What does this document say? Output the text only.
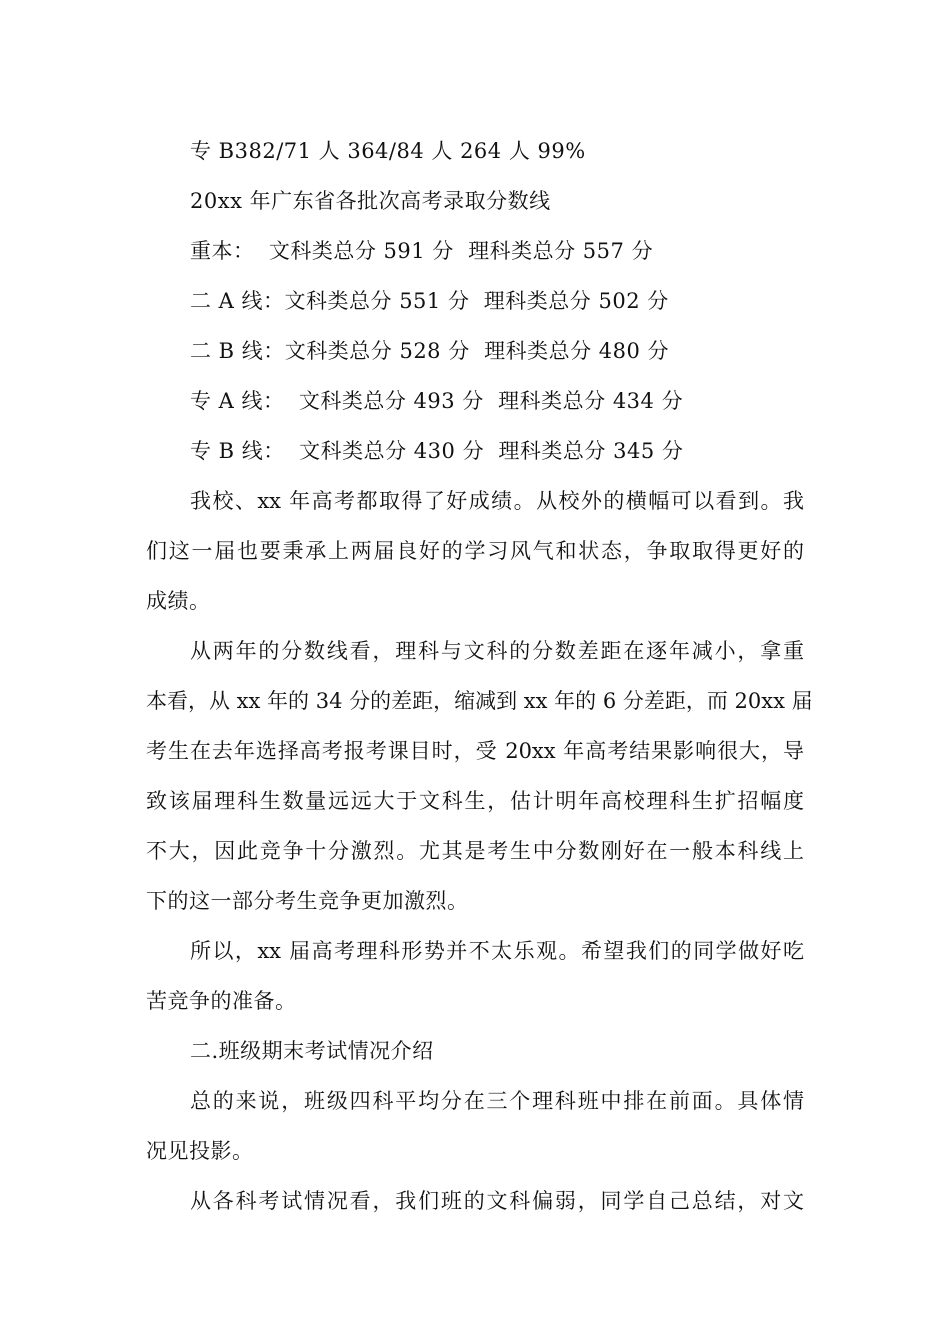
专 B382/71 人 364/84 人 264 人 99%
20xx 年广东省各批次高考录取分数线
重本：  文科类总分 591 分  理科类总分 557 分
二 A 线：文科类总分 551 分  理科类总分 502 分
二 B 线：文科类总分 528 分  理科类总分 480 分
专 A 线：  文科类总分 493 分  理科类总分 434 分
专 B 线：  文科类总分 430 分  理科类总分 345 分
我校、xx 年高考都取得了好成绩。从校外的横幅可以看到。我
们这一届也要秉承上两届良好的学习风气和状态，争取取得更好的
成绩。
从两年的分数线看，理科与文科的分数差距在逐年减小，拿重
本看，从 xx 年的 34 分的差距，缩减到 xx 年的 6 分差距，而 20xx 届
考生在去年选择高考报考课目时，受 20xx 年高考结果影响很大，导
致该届理科生数量远远大于文科生，估计明年高校理科生扩招幅度
不大，因此竞争十分激烈。尤其是考生中分数刚好在一般本科线上
下的这一部分考生竞争更加激烈。
所以，xx 届高考理科形势并不太乐观。希望我们的同学做好吃
苦竞争的准备。
二.班级期末考试情况介绍
总的来说，班级四科平均分在三个理科班中排在前面。具体情
况见投影。
从各科考试情况看，我们班的文科偏弱，同学自己总结，对文
